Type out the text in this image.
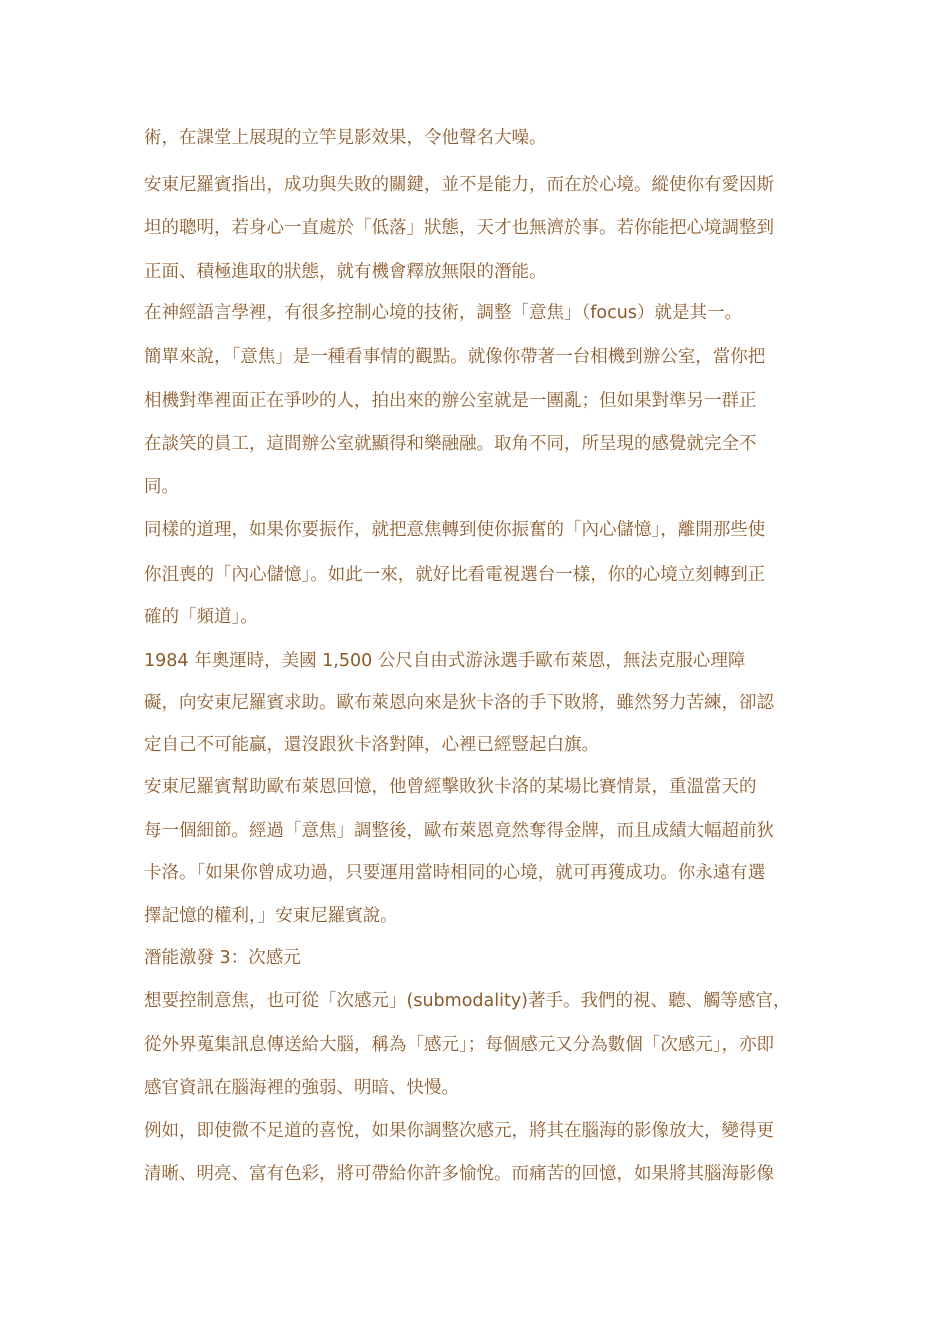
術，在課堂上展現的立竿見影效果，令他聲名大噪。

安東尼羅賓指出，成功與失敗的關鍵，並不是能力，而在於心境。縱使你有愛因斯

坦的聰明，若身心一直處於「低落」狀態，天才也無濟於事。若你能把心境調整到

正面、積極進取的狀態，就有機會釋放無限的潛能。

在神經語言學裡，有很多控制心境的技術，調整「意焦」（focus）就是其一。

簡單來說，「意焦」是一種看事情的觀點。就像你帶著一台相機到辦公室，當你把

相機對準裡面正在爭吵的人，拍出來的辦公室就是一團亂；但如果對準另一群正

在談笑的員工，這間辦公室就顯得和樂融融。取角不同，所呈現的感覺就完全不

同。

同樣的道理，如果你要振作，就把意焦轉到使你振奮的「內心儲憶」，離開那些使

你沮喪的「內心儲憶」。如此一來，就好比看電視選台一樣，你的心境立刻轉到正

確的「頻道」。

1984 年奧運時，美國 1,500 公尺自由式游泳選手歐布萊恩，無法克服心理障

礙，向安東尼羅賓求助。歐布萊恩向來是狄卡洛的手下敗將，雖然努力苦練，卻認

定自己不可能贏，還沒跟狄卡洛對陣，心裡已經豎起白旗。

安東尼羅賓幫助歐布萊恩回憶，他曾經擊敗狄卡洛的某場比賽情景，重溫當天的

每一個細節。經過「意焦」調整後，歐布萊恩竟然奪得金牌，而且成績大幅超前狄

卡洛。「如果你曾成功過，只要運用當時相同的心境，就可再獲成功。你永遠有選

擇記憶的權利，」安東尼羅賓說。

潛能激發 3：次感元

想要控制意焦，也可從「次感元」(submodality)著手。我們的視、聽、觸等感官，

從外界蒐集訊息傳送給大腦，稱為「感元」；每個感元又分為數個「次感元」，亦即

感官資訊在腦海裡的強弱、明暗、快慢。

例如，即使微不足道的喜悅，如果你調整次感元，將其在腦海的影像放大，變得更

清晰、明亮、富有色彩，將可帶給你許多愉悅。而痛苦的回憶，如果將其腦海影像
